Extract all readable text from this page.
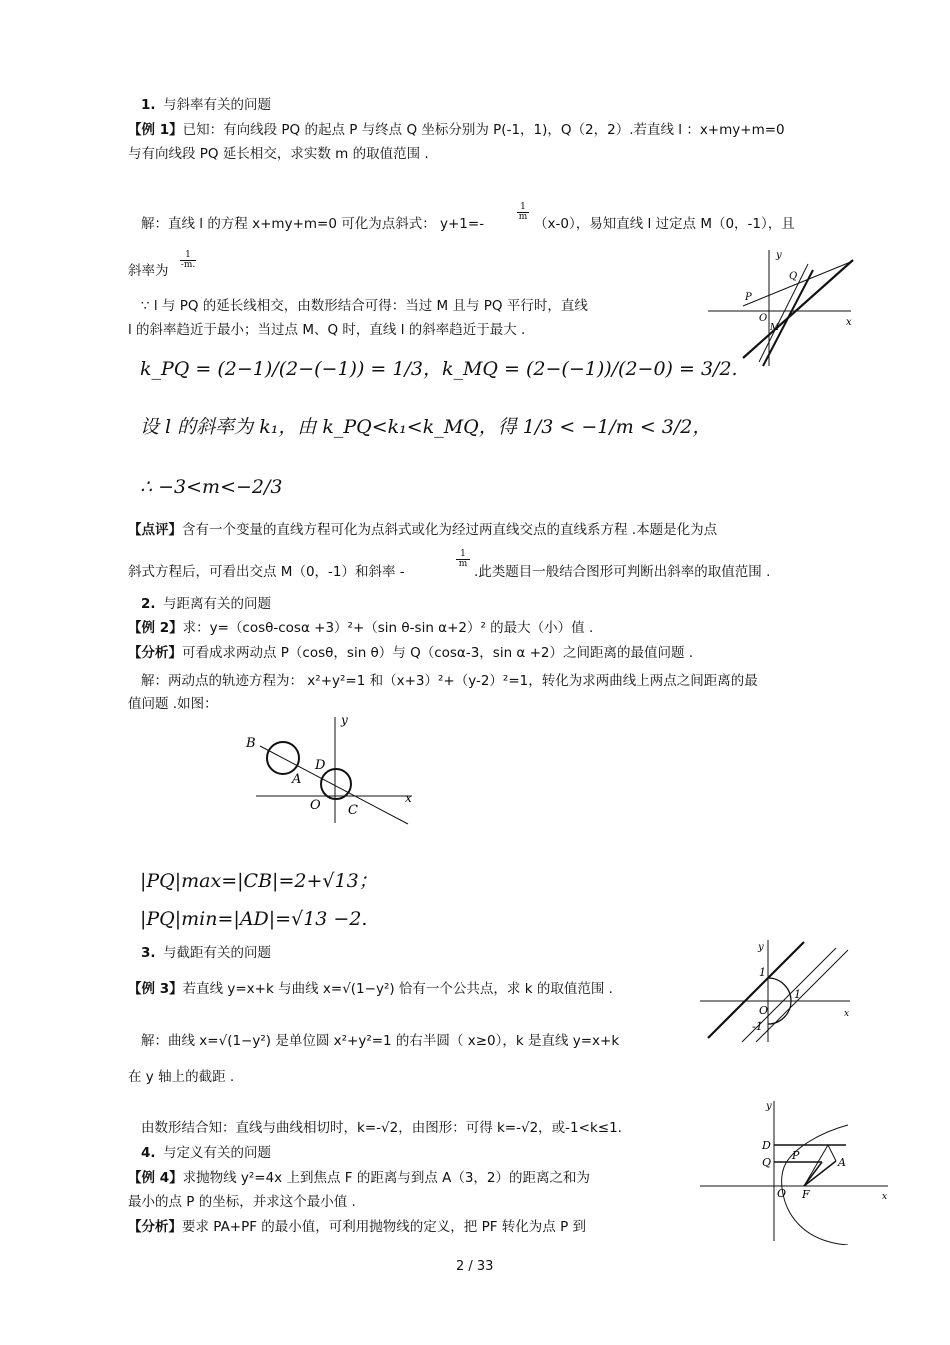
1. 与斜率有关的问题
【例 1】已知：有向线段 PQ 的起点 P 与终点 Q 坐标分别为 P(-1，1)，Q（2，2）.若直线 l ：x+my+m=0
与有向线段 PQ 延长相交，求实数 m 的取值范围 .
解：直线 l 的方程 x+my+m=0 可化为点斜式： y+1=-
1
m （x-0），易知直线 l 过定点 M（0，-1），且
斜率为
1
-m.
∵ l 与 PQ 的延长线相交，由数形结合可得：当过 M 且与 PQ 平行时，直线
l 的斜率趋近于最小；当过点 M、Q 时，直线 l 的斜率趋近于最大 .
k_PQ = (2−1)/(2−(−1)) = 1/3，k_MQ = (2−(−1))/(2−0) = 3/2.
设 l 的斜率为 k₁，由 k_PQ<k₁<k_MQ，得 1/3 < −1/m < 3/2，
∴ −3<m<−2/3
【点评】含有一个变量的直线方程可化为点斜式或化为经过两直线交点的直线系方程 .本题是化为点
斜式方程后，可看出交点 M（0，-1）和斜率 -
1
m .此类题目一般结合图形可判断出斜率的取值范围 .
y
Q
P
O
M	x
2. 与距离有关的问题
【例 2】求：y=（cosθ-cosα +3）²+（sin θ-sin α+2）² 的最大（小）值 .
【分析】可看成求两动点 P（cosθ，sin θ）与 Q（cosα-3，sin α +2）之间距离的最值问题 .
解：两动点的轨迹方程为： x²+y²=1 和（x+3）²+（y-2）²=1，转化为求两曲线上两点之间距离的最
值问题 .如图：
y
B
D
A
O C
x
|PQ|max=|CB|=2+√13；
|PQ|min=|AD|=√13 −2.
3. 与截距有关的问题
【例 3】若直线 y=x+k 与曲线 x=√(1−y²) 恰有一个公共点，求 k 的取值范围 .
解：曲线 x=√(1−y²) 是单位圆 x²+y²=1 的右半圆（ x≥0），k 是直线 y=x+k
在 y 轴上的截距 .
由数形结合知：直线与曲线相切时，k=-√2，由图形：可得 k=-√2，或-1<k≤1.
y
1
1
O
-1
x
4. 与定义有关的问题
【例 4】求抛物线 y²=4x 上到焦点 F 的距离与到点 A（3，2）的距离之和为
最小的点 P 的坐标，并求这个最小值 .
【分析】要求 PA+PF 的最小值，可利用抛物线的定义，把 PF 转化为点 P 到
y
D
Q
P
A
O F	x
2 / 33
